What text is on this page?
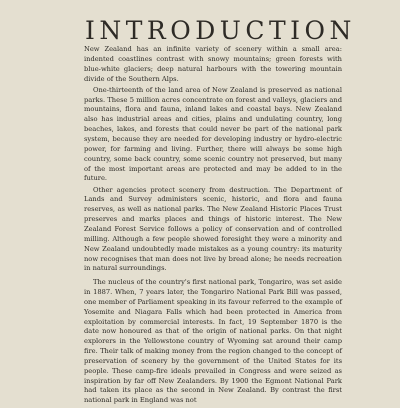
INTRODUCTION

New Zealand has an infinite variety of scenery within a small area: indented coastlines contrast with snowy mountains; green forests with blue-white glaciers; deep natural harbours with the towering mountain divide of the Southern Alps.

One-thirteenth of the land area of New Zealand is preserved as national parks. These 5 million acres concentrate on forest and valleys, glaciers and mountains, flora and fauna, inland lakes and coastal bays. New Zealand also has industrial areas and cities, plains and undulating country, long beaches, lakes, and forests that could never be part of the national park system, because they are needed for developing industry or hydro-electric power, for farming and living. Further, there will always be some high country, some back country, some scenic country not preserved, but many of the most important areas are protected and may be added to in the future.

Other agencies protect scenery from destruction. The Department of Lands and Survey administers scenic, historic, and flora and fauna reserves, as well as national parks. The New Zealand Historic Places Trust preserves and marks places and things of historic interest. The New Zealand Forest Service follows a policy of conservation and of controlled milling. Although a few people showed foresight they were a minority and New Zealand undoubtedly made mistakes as a young country: its maturity now recognises that man does not live by bread alone; he needs recreation in natural surroundings.

The nucleus of the country's first national park, Tongariro, was set aside in 1887. When, 7 years later, the Tongariro National Park Bill was passed, one member of Parliament speaking in its favour referred to the example of Yosemite and Niagara Falls which had been protected in America from exploitation by commercial interests. In fact, 19 September 1870 is the date now honoured as that of the origin of national parks. On that night explorers in the Yellowstone country of Wyoming sat around their camp fire. Their talk of making money from the region changed to the concept of preservation of scenery by the government of the United States for its people. These camp-fire ideals prevailed in Congress and were seized as inspiration by far off New Zealanders. By 1900 the Egmont National Park had taken its place as the second in New Zealand. By contrast the first national park in England was not
